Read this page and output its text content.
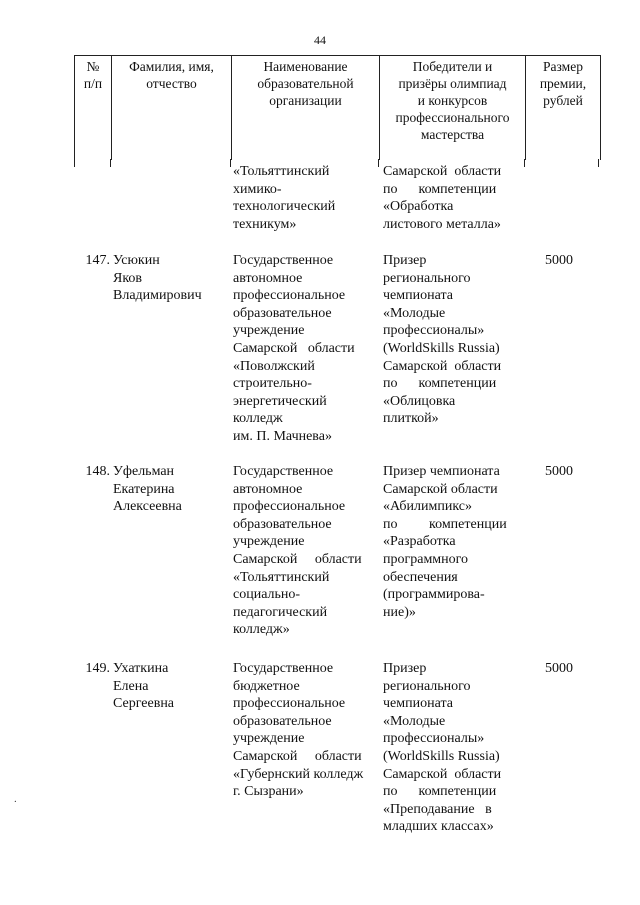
44
№
п/п
Фамилия, имя,
отчество
Наименование
образовательной
организации
Победители и
призёры олимпиад
и конкурсов
профессионального
мастерства
Размер
премии,
рублей
«Тольяттинский
химико-
технологический
техникум»
Самарской  области
по      компетенции
«Обработка
листового металла»
147. Усюкин
Яков
Владимирович
Государственное
автономное
профессиональное
образовательное
учреждение
Самарской   области
«Поволжский
строительно-
энергетический
колледж
им. П. Мачнева»
Призер
регионального
чемпионата
«Молодые
профессионалы»
(WorldSkills Russia)
Самарской  области
по      компетенции
«Облицовка
плиткой»
5000
148. Уфельман
Екатерина
Алексеевна
Государственное
автономное
профессиональное
образовательное
учреждение
Самарской     области
«Тольяттинский
социально-
педагогический
колледж»
Призер чемпионата
Самарской области
«Абилимпикс»
по         компетенции
«Разработка
программного
обеспечения
(программирова-
ние)»
5000
149. Ухаткина
Елена
Сергеевна
Государственное
бюджетное
профессиональное
образовательное
учреждение
Самарской     области
«Губернский колледж
г. Сызрани»
Призер
регионального
чемпионата
«Молодые
профессионалы»
(WorldSkills Russia)
Самарской  области
по      компетенции
«Преподавание   в
младших классах»
5000
.
